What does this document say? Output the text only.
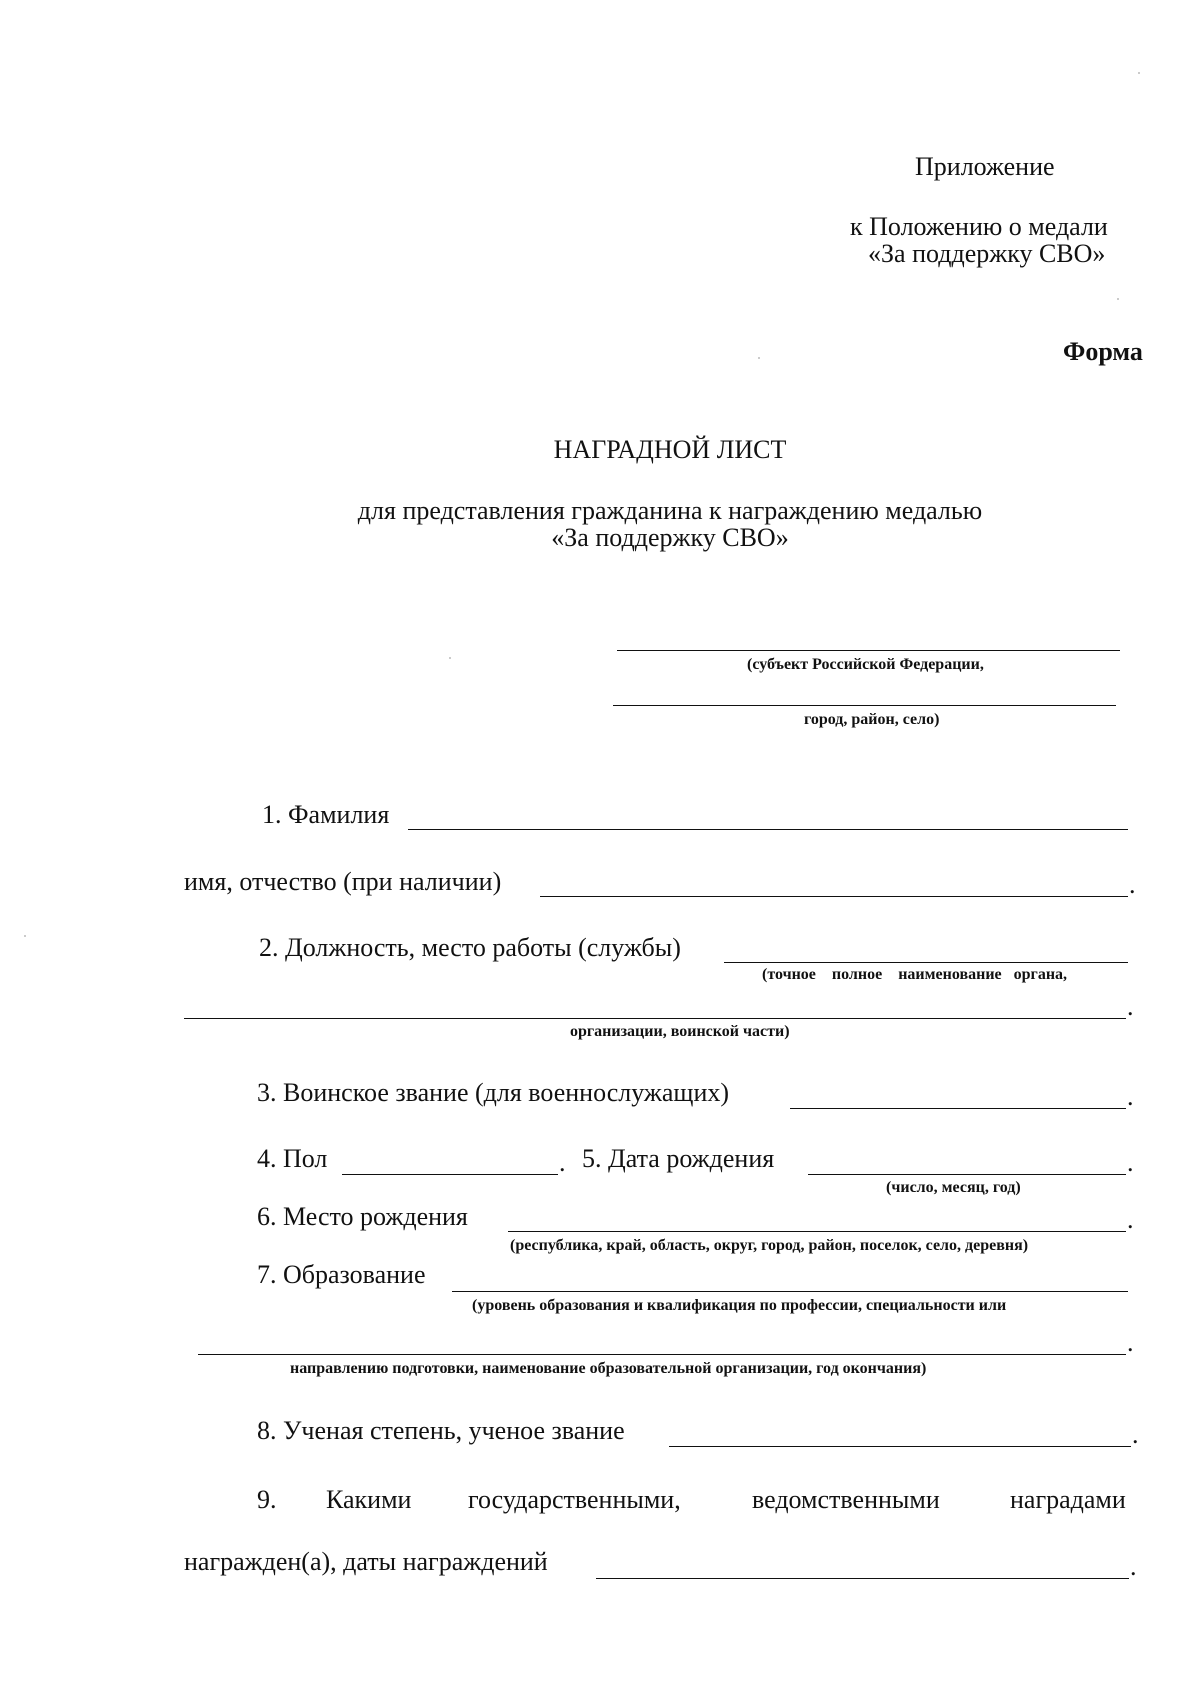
Приложение
к Положению о медали
«За поддержку СВО»
Форма
НАГРАДНОЙ ЛИСТ
для представления гражданина к награждению медалью
«За поддержку СВО»
(субъект Российской Федерации,
город, район, село)
1. Фамилия
имя, отчество (при наличии)	.
2. Должность, место работы (службы)
(точное    полное    наименование   органа,
.
организации, воинской части)
3. Воинское звание (для военнослужащих)	.
4. Пол	. 5. Дата рождения	.
(число, месяц, год)
6. Место рождения	.
(республика, край, область, округ, город, район, поселок, село, деревня)
7. Образование
(уровень образования и квалификация по профессии, специальности или
.
направлению подготовки, наименование образовательной организации, год окончания)
8. Ученая степень, ученое звание	.
9. Какими государственными,	ведомственными	наградами
награжден(а), даты награждений	.
